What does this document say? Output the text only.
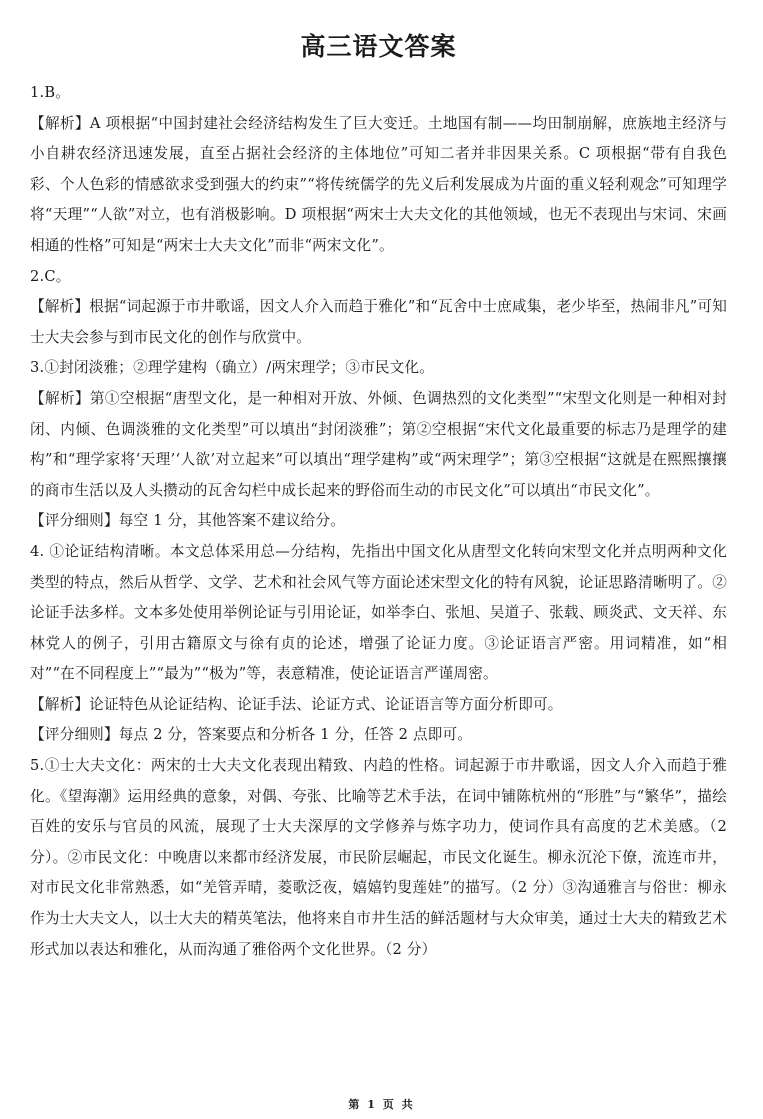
高三语文答案

1.B。

【解析】A 项根据“中国封建社会经济结构发生了巨大变迁。土地国有制——均田制崩解，庶族地主经济与小自耕农经济迅速发展，直至占据社会经济的主体地位”可知二者并非因果关系。C 项根据“带有自我色彩、个人色彩的情感欲求受到强大的约束”“将传统儒学的先义后利发展成为片面的重义轻利观念”可知理学将“天理”“人欲”对立，也有消极影响。D 项根据“两宋士大夫文化的其他领域，也无不表现出与宋词、宋画相通的性格”可知是“两宋士大夫文化”而非“两宋文化”。

2.C。

【解析】根据“词起源于市井歌谣，因文人介入而趋于雅化”和“瓦舍中士庶咸集，老少毕至，热闹非凡”可知士大夫会参与到市民文化的创作与欣赏中。

3.①封闭淡雅；②理学建构（确立）/两宋理学；③市民文化。

【解析】第①空根据“唐型文化，是一种相对开放、外倾、色调热烈的文化类型”“宋型文化则是一种相对封闭、内倾、色调淡雅的文化类型”可以填出“封闭淡雅”；第②空根据“宋代文化最重要的标志乃是理学的建构”和“理学家将‘天理’‘人欲’对立起来”可以填出“理学建构”或“两宋理学”；第③空根据“这就是在熙熙攘攘的商市生活以及人头攒动的瓦舍勾栏中成长起来的野俗而生动的市民文化”可以填出“市民文化”。

【评分细则】每空 1 分，其他答案不建议给分。

4. ①论证结构清晰。本文总体采用总—分结构，先指出中国文化从唐型文化转向宋型文化并点明两种文化类型的特点，然后从哲学、文学、艺术和社会风气等方面论述宋型文化的特有风貌，论证思路清晰明了。②论证手法多样。文本多处使用举例论证与引用论证，如举李白、张旭、吴道子、张载、顾炎武、文天祥、东林党人的例子，引用古籍原文与徐有贞的论述，增强了论证力度。③论证语言严密。用词精准，如“相对”“在不同程度上”“最为”“极为”等，表意精准，使论证语言严谨周密。

【解析】论证特色从论证结构、论证手法、论证方式、论证语言等方面分析即可。

【评分细则】每点 2 分，答案要点和分析各 1 分，任答 2 点即可。

5.①士大夫文化：两宋的士大夫文化表现出精致、内趋的性格。词起源于市井歌谣，因文人介入而趋于雅化。《望海潮》运用经典的意象，对偶、夸张、比喻等艺术手法，在词中铺陈杭州的“形胜”与“繁华”，描绘百姓的安乐与官员的风流，展现了士大夫深厚的文学修养与炼字功力，使词作具有高度的艺术美感。（2 分）。②市民文化：中晚唐以来都市经济发展，市民阶层崛起，市民文化诞生。柳永沉沦下僚，流连市井，对市民文化非常熟悉，如“羌管弄晴，菱歌泛夜，嬉嬉钓叟莲娃”的描写。（2 分）③沟通雅言与俗世：柳永作为士大夫文人，以士大夫的精英笔法，他将来自市井生活的鲜活题材与大众审美，通过士大夫的精致艺术形式加以表达和雅化，从而沟通了雅俗两个文化世界。（2 分）

第 1 页 共
